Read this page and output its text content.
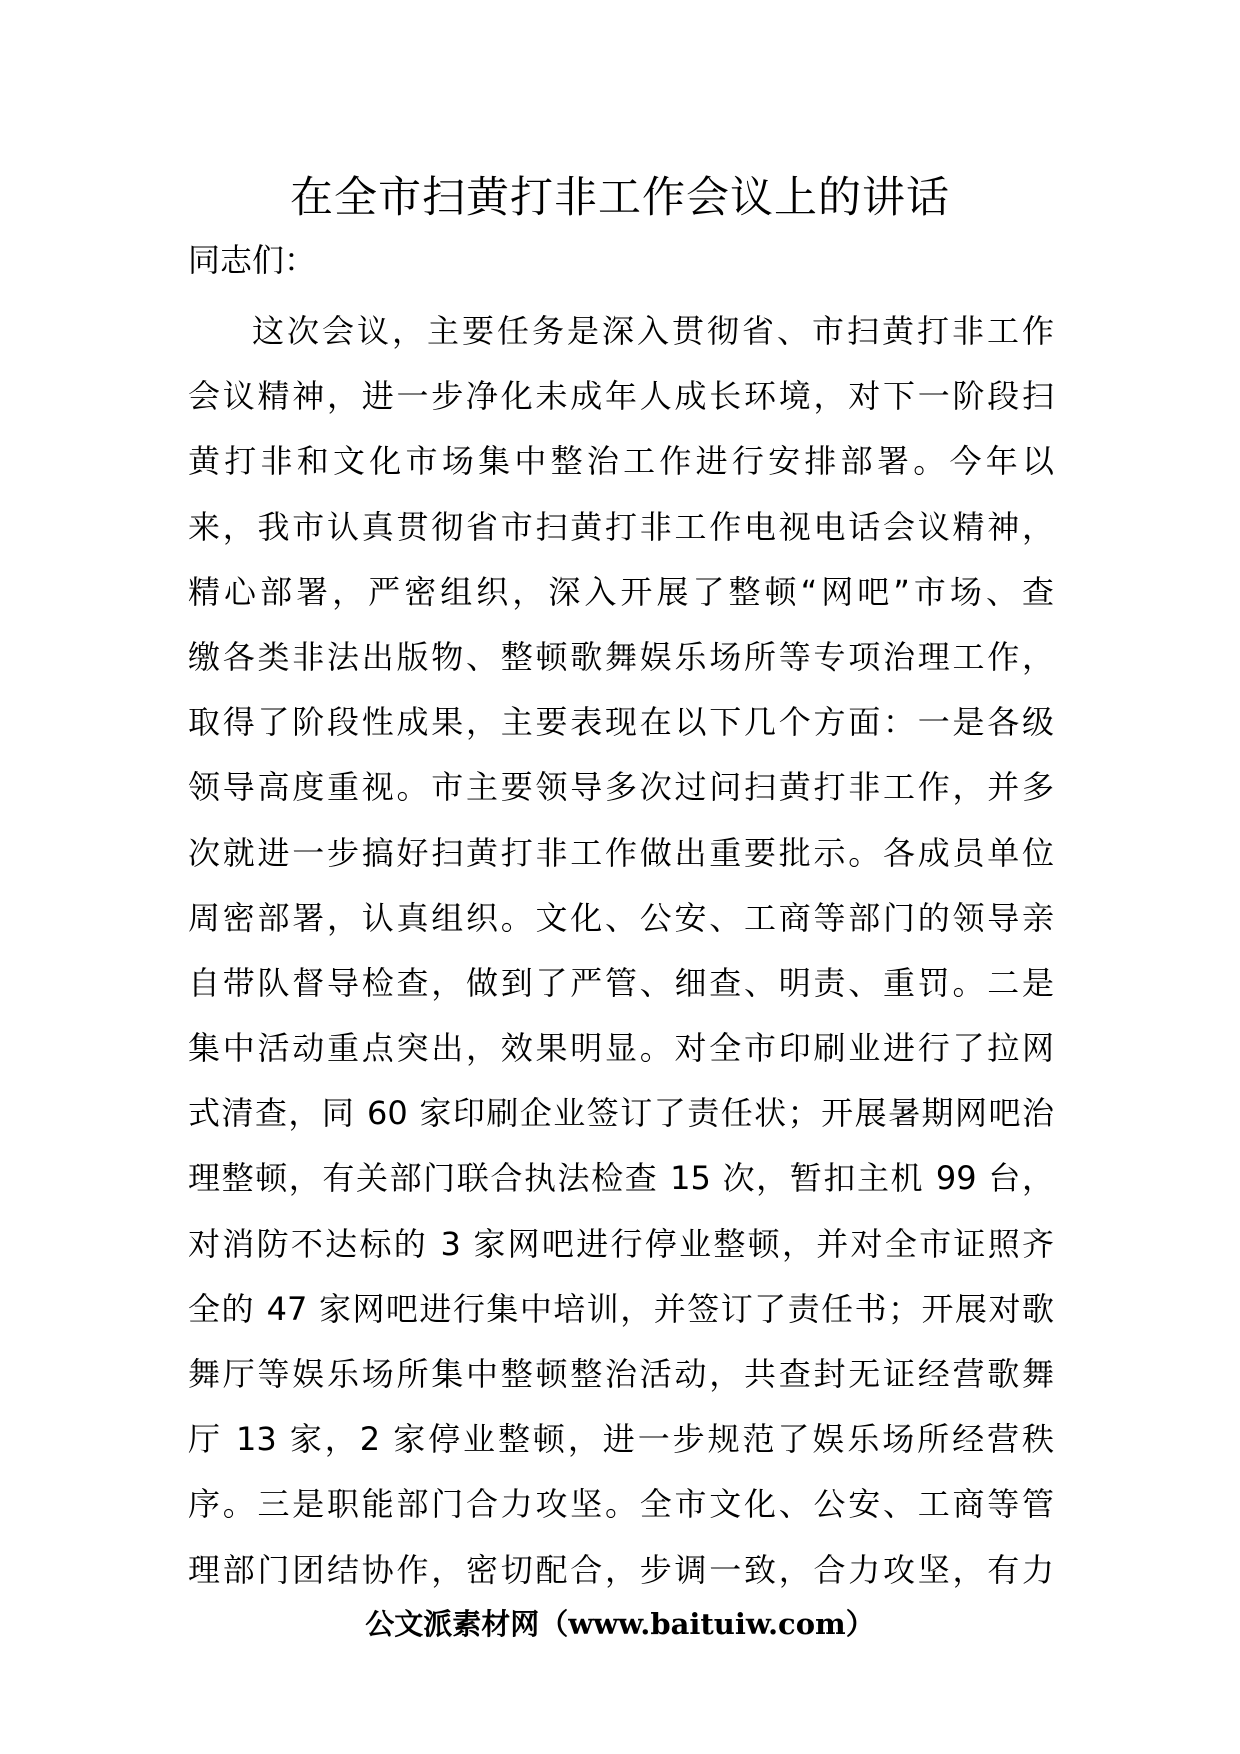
在全市扫黄打非工作会议上的讲话

同志们：

这次会议，主要任务是深入贯彻省、市扫黄打非工作
会议精神，进一步净化未成年人成长环境，对下一阶段扫
黄打非和文化市场集中整治工作进行安排部署。今年以
来，我市认真贯彻省市扫黄打非工作电视电话会议精神，
精心部署，严密组织，深入开展了整顿“网吧”市场、查
缴各类非法出版物、整顿歌舞娱乐场所等专项治理工作，
取得了阶段性成果，主要表现在以下几个方面：一是各级
领导高度重视。市主要领导多次过问扫黄打非工作，并多
次就进一步搞好扫黄打非工作做出重要批示。各成员单位
周密部署，认真组织。文化、公安、工商等部门的领导亲
自带队督导检查，做到了严管、细查、明责、重罚。二是
集中活动重点突出，效果明显。对全市印刷业进行了拉网
式清查，同 60 家印刷企业签订了责任状；开展暑期网吧治
理整顿，有关部门联合执法检查 15 次，暂扣主机 99 台，
对消防不达标的 3 家网吧进行停业整顿，并对全市证照齐
全的 47 家网吧进行集中培训，并签订了责任书；开展对歌
舞厅等娱乐场所集中整顿整治活动，共查封无证经营歌舞
厅 13 家，2 家停业整顿，进一步规范了娱乐场所经营秩
序。三是职能部门合力攻坚。全市文化、公安、工商等管
理部门团结协作，密切配合，步调一致，合力攻坚，有力

公文派素材网（www.baituiw.com）
